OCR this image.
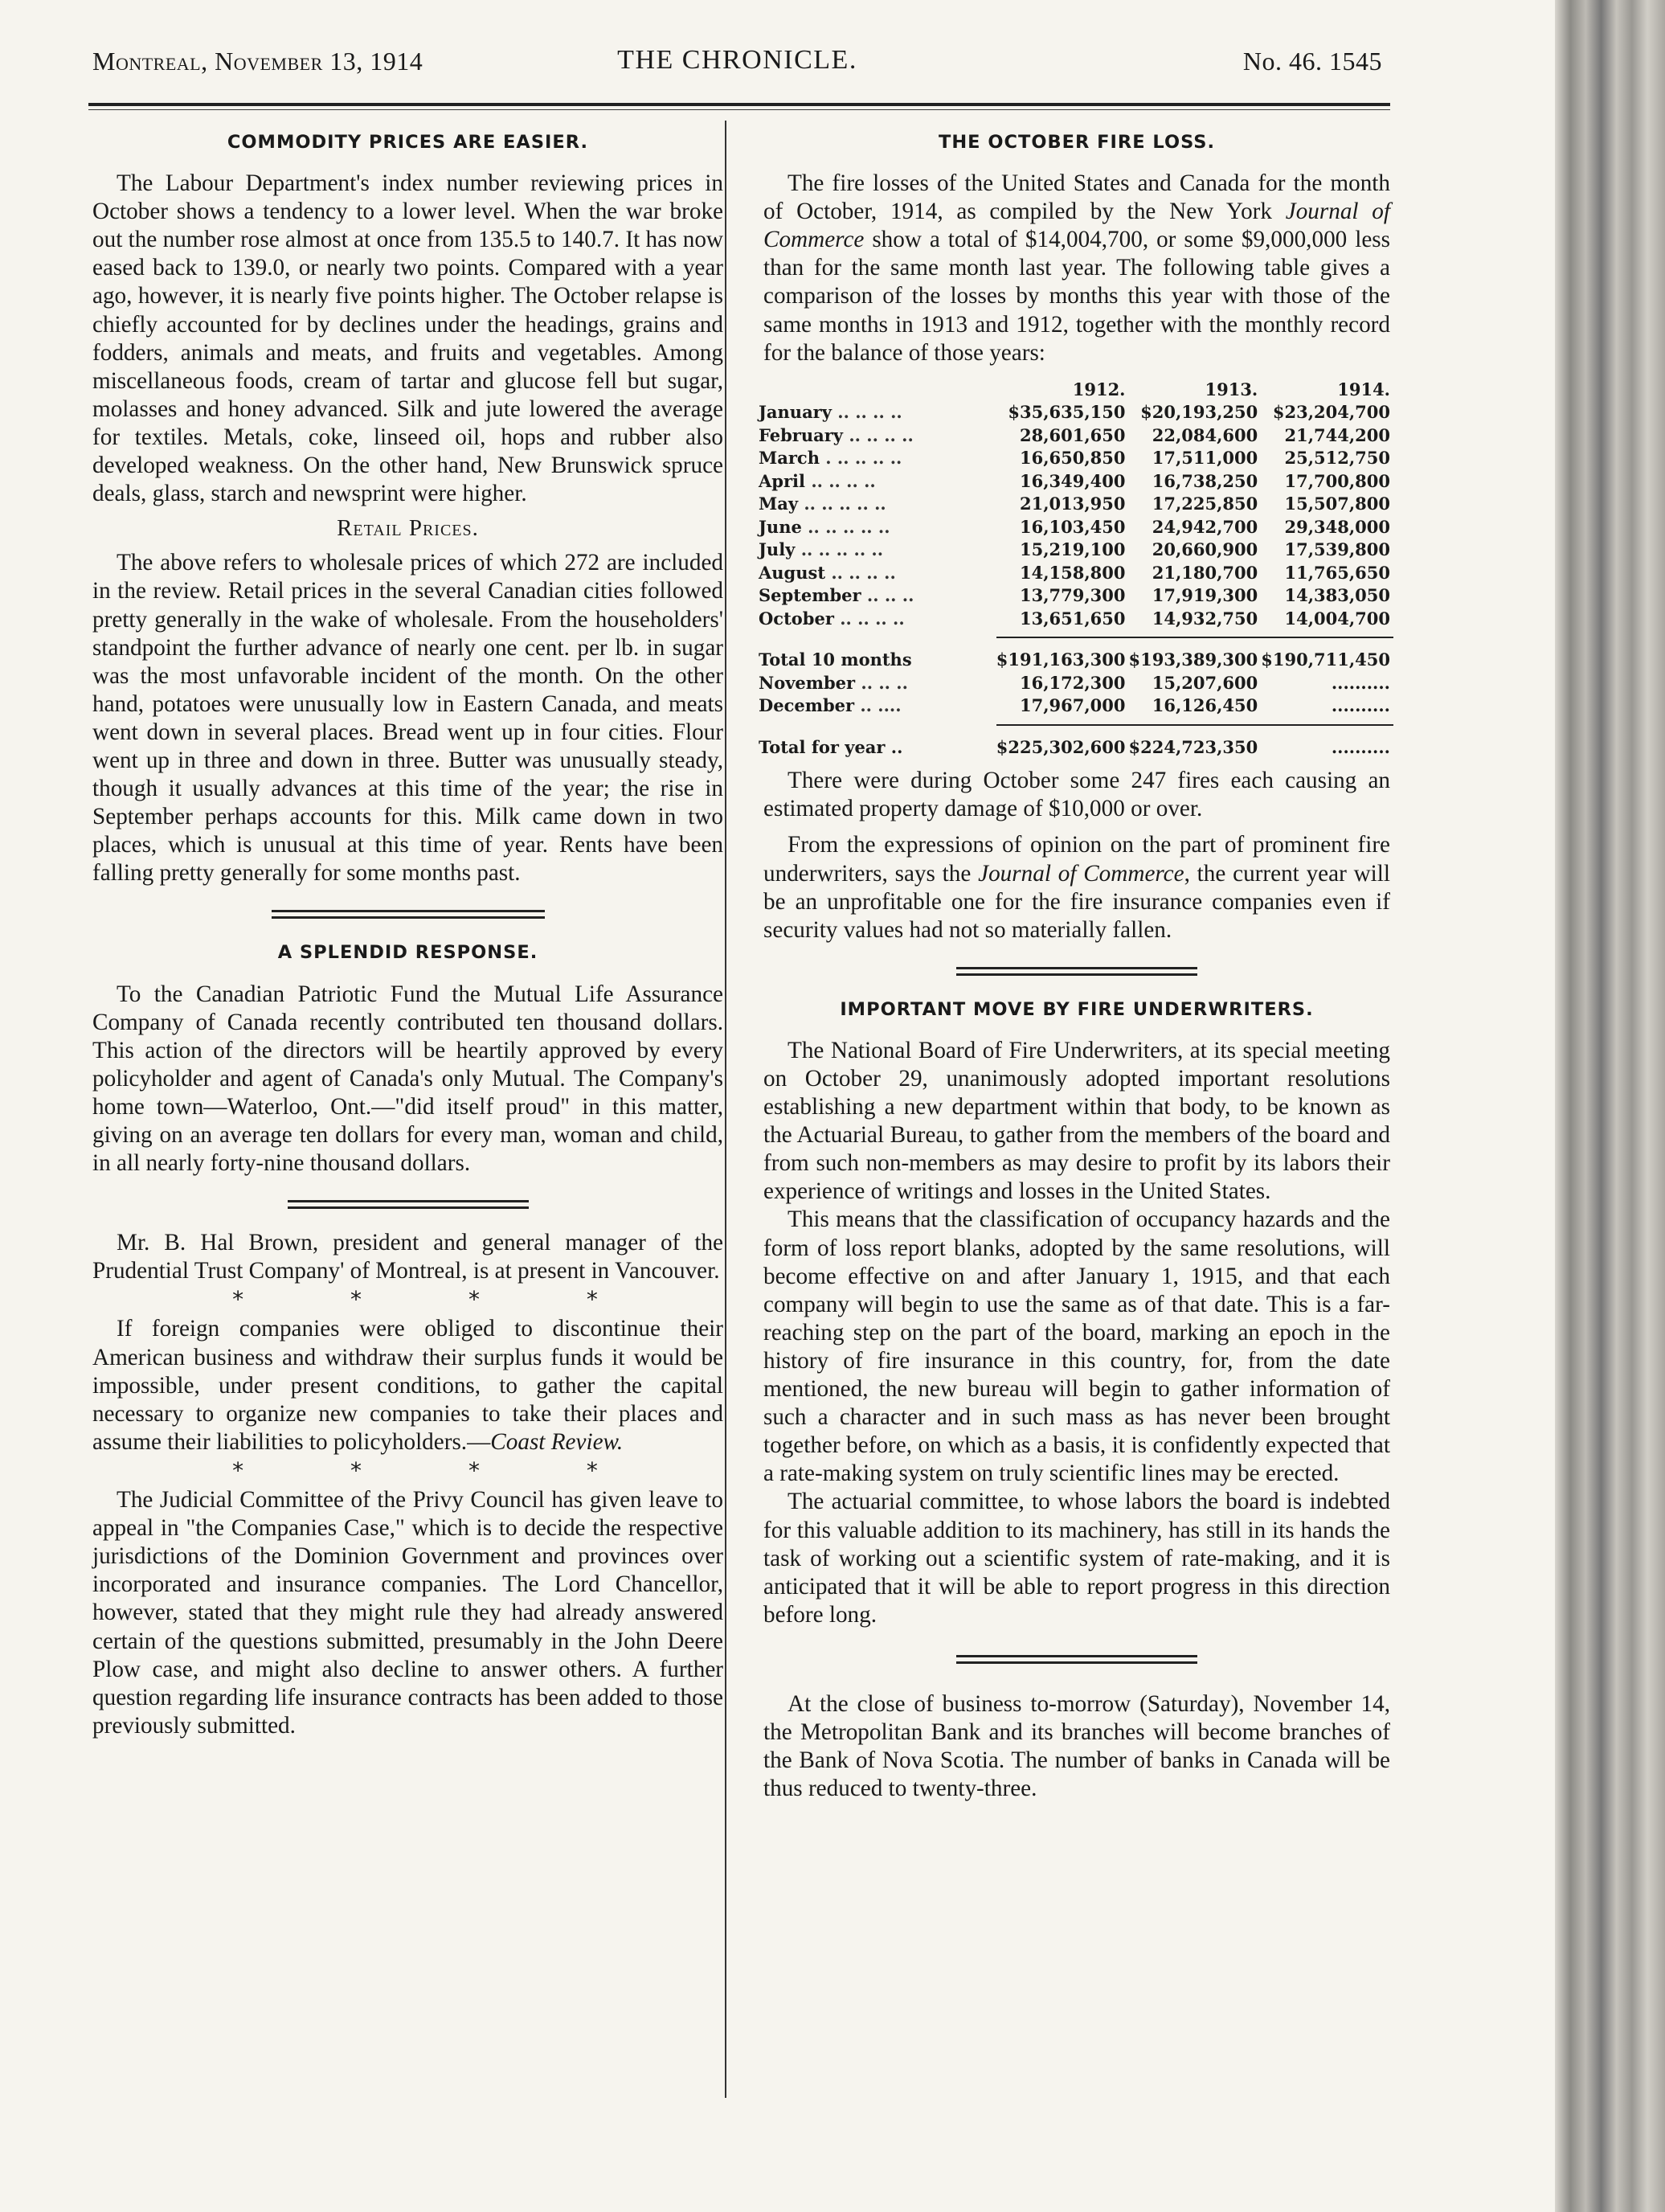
Montreal, November 13, 1914	THE CHRONICLE.	No. 46. 1545
COMMODITY PRICES ARE EASIER.

The Labour Department's index number reviewing prices in October shows a tendency to a lower level. When the war broke out the number rose almost at once from 135.5 to 140.7. It has now eased back to 139.0, or nearly two points. Compared with a year ago, however, it is nearly five points higher. The October relapse is chiefly accounted for by declines under the headings, grains and fodders, animals and meats, and fruits and vegetables. Among miscellaneous foods, cream of tartar and glucose fell but sugar, molasses and honey advanced. Silk and jute lowered the average for textiles. Metals, coke, linseed oil, hops and rubber also developed weakness. On the other hand, New Brunswick spruce deals, glass, starch and newsprint were higher.

Retail Prices.

The above refers to wholesale prices of which 272 are included in the review. Retail prices in the several Canadian cities followed pretty generally in the wake of wholesale. From the householders' standpoint the further advance of nearly one cent. per lb. in sugar was the most unfavorable incident of the month. On the other hand, potatoes were unusually low in Eastern Canada, and meats went down in several places. Bread went up in four cities. Flour went up in three and down in three. Butter was unusually steady, though it usually advances at this time of the year; the rise in September perhaps accounts for this. Milk came down in two places, which is unusual at this time of year. Rents have been falling pretty generally for some months past.

A SPLENDID RESPONSE.

To the Canadian Patriotic Fund the Mutual Life Assurance Company of Canada recently contributed ten thousand dollars. This action of the directors will be heartily approved by every policyholder and agent of Canada's only Mutual. The Company's home town—Waterloo, Ont.—"did itself proud" in this matter, giving on an average ten dollars for every man, woman and child, in all nearly forty-nine thousand dollars.

Mr. B. Hal Brown, president and general manager of the Prudential Trust Company' of Montreal, is at present in Vancouver.

* * * *

If foreign companies were obliged to discontinue their American business and withdraw their surplus funds it would be impossible, under present conditions, to gather the capital necessary to organize new companies to take their places and assume their liabilities to policyholders.—Coast Review.

* * * *

The Judicial Committee of the Privy Council has given leave to appeal in "the Companies Case," which is to decide the respective jurisdictions of the Dominion Government and provinces over incorporated and insurance companies. The Lord Chancellor, however, stated that they might rule they had already answered certain of the questions submitted, presumably in the John Deere Plow case, and might also decline to answer others. A further question regarding life insurance contracts has been added to those previously submitted.

THE OCTOBER FIRE LOSS.

The fire losses of the United States and Canada for the month of October, 1914, as compiled by the New York Journal of Commerce show a total of $14,004,700, or some $9,000,000 less than for the same month last year. The following table gives a comparison of the losses by months this year with those of the same months in 1913 and 1912, together with the monthly record for the balance of those years:

	1912.	1913.	1914.
January .. .. .. ..	$35,635,150	$20,193,250	$23,204,700
February .. .. .. ..	28,601,650	22,084,600	21,744,200
March . .. .. .. ..	16,650,850	17,511,000	25,512,750
April .. .. .. ..	16,349,400	16,738,250	17,700,800
May .. .. .. .. ..	21,013,950	17,225,850	15,507,800
June .. .. .. .. ..	16,103,450	24,942,700	29,348,000
July .. .. .. .. ..	15,219,100	20,660,900	17,539,800
August .. .. .. ..	14,158,800	21,180,700	11,765,650
September .. .. ..	13,779,300	17,919,300	14,383,050
October .. .. .. ..	13,651,650	14,932,750	14,004,700

Total 10 months	$191,163,300	$193,389,300	$190,711,450
November .. .. ..	16,172,300	15,207,600	..........
December .. ....	17,967,000	16,126,450	..........

Total for year ..	$225,302,600	$224,723,350	..........

There were during October some 247 fires each causing an estimated property damage of $10,000 or over.

From the expressions of opinion on the part of prominent fire underwriters, says the Journal of Commerce, the current year will be an unprofitable one for the fire insurance companies even if security values had not so materially fallen.

IMPORTANT MOVE BY FIRE UNDERWRITERS.

The National Board of Fire Underwriters, at its special meeting on October 29, unanimously adopted important resolutions establishing a new department within that body, to be known as the Actuarial Bureau, to gather from the members of the board and from such non-members as may desire to profit by its labors their experience of writings and losses in the United States.

This means that the classification of occupancy hazards and the form of loss report blanks, adopted by the same resolutions, will become effective on and after January 1, 1915, and that each company will begin to use the same as of that date. This is a far-reaching step on the part of the board, marking an epoch in the history of fire insurance in this country, for, from the date mentioned, the new bureau will begin to gather information of such a character and in such mass as has never been brought together before, on which as a basis, it is confidently expected that a rate-making system on truly scientific lines may be erected.

The actuarial committee, to whose labors the board is indebted for this valuable addition to its machinery, has still in its hands the task of working out a scientific system of rate-making, and it is anticipated that it will be able to report progress in this direction before long.

At the close of business to-morrow (Saturday), November 14, the Metropolitan Bank and its branches will become branches of the Bank of Nova Scotia. The number of banks in Canada will be thus reduced to twenty-three.
